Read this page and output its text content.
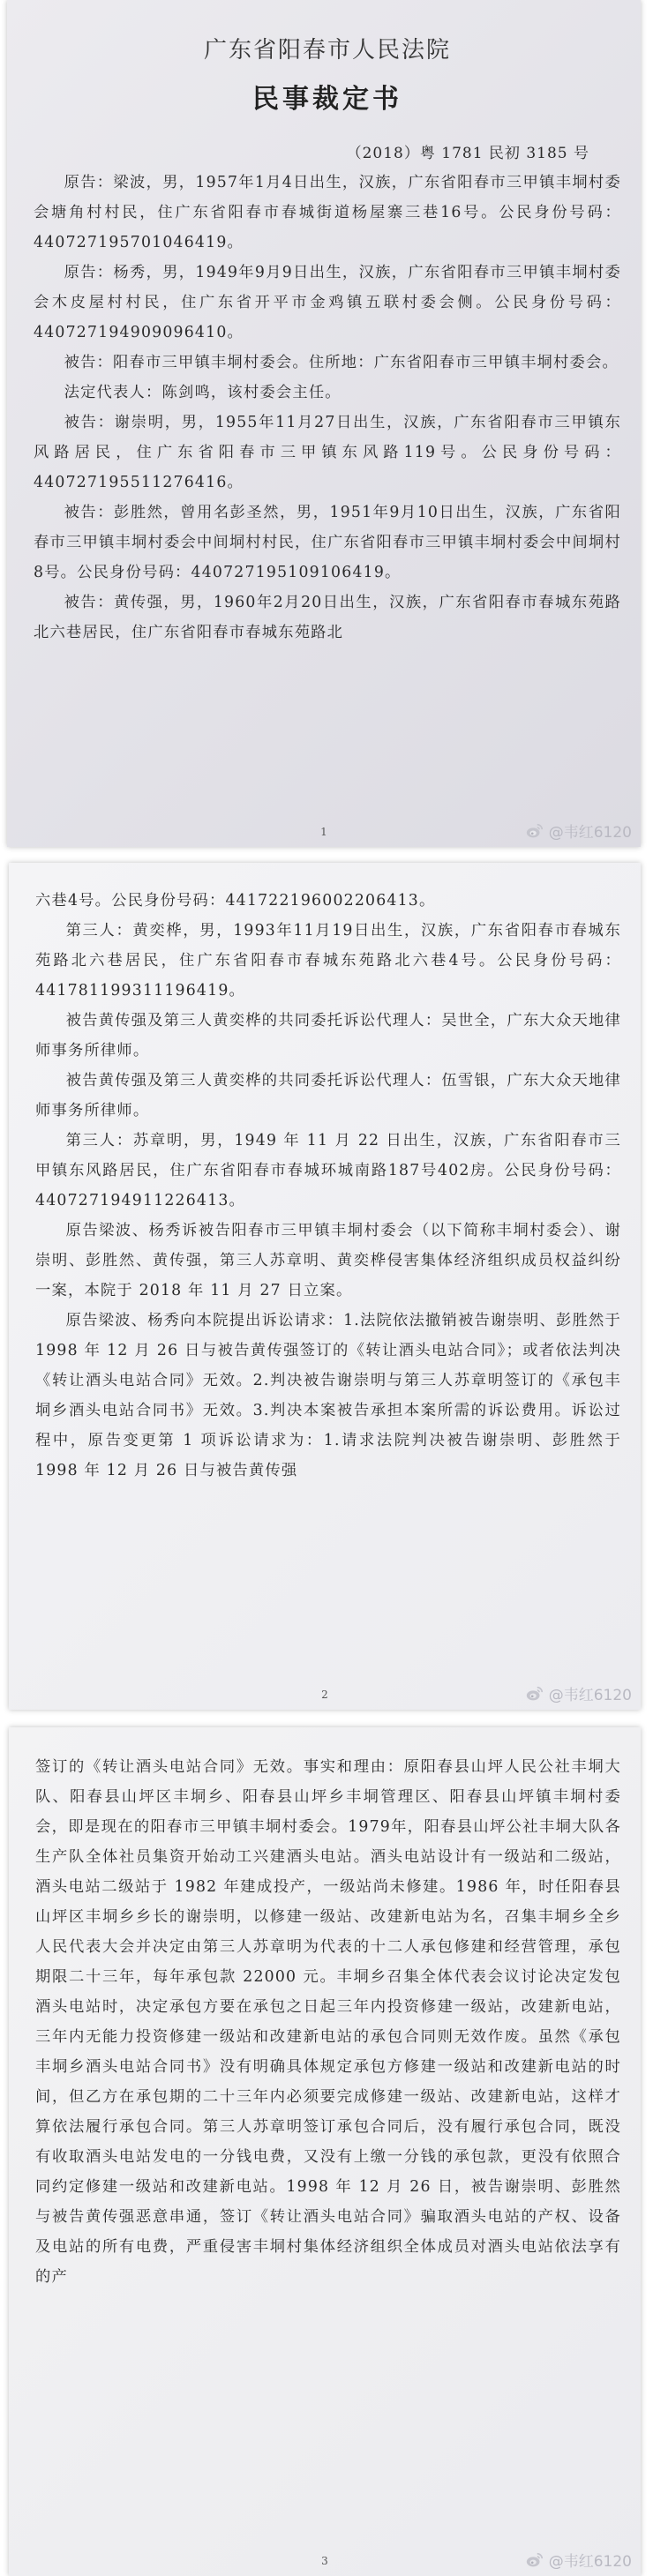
广东省阳春市人民法院
民事裁定书
（2018）粤 1781 民初 3185 号

原告：梁波，男，1957年1月4日出生，汉族，广东省阳春市三甲镇丰垌村委会塘角村村民，住广东省阳春市春城街道杨屋寨三巷16号。公民身份号码：440727195701046419。

原告：杨秀，男，1949年9月9日出生，汉族，广东省阳春市三甲镇丰垌村委会木皮屋村村民，住广东省开平市金鸡镇五联村委会侧。公民身份号码：440727194909096410。

被告：阳春市三甲镇丰垌村委会。住所地：广东省阳春市三甲镇丰垌村委会。

法定代表人：陈剑鸣，该村委会主任。

被告：谢崇明，男，1955年11月27日出生，汉族，广东省阳春市三甲镇东风路居民，住广东省阳春市三甲镇东风路119号。公民身份号码：440727195511276416。

被告：彭胜然，曾用名彭圣然，男，1951年9月10日出生，汉族，广东省阳春市三甲镇丰垌村委会中间垌村村民，住广东省阳春市三甲镇丰垌村委会中间垌村8号。公民身份号码：440727195109106419。

被告：黄传强，男，1960年2月20日出生，汉族，广东省阳春市春城东苑路北六巷居民，住广东省阳春市春城东苑路北

1	@韦红6120

六巷4号。公民身份号码：441722196002206413。

第三人：黄奕桦，男，1993年11月19日出生，汉族，广东省阳春市春城东苑路北六巷居民，住广东省阳春市春城东苑路北六巷4号。公民身份号码：441781199311196419。

被告黄传强及第三人黄奕桦的共同委托诉讼代理人：吴世全，广东大众天地律师事务所律师。

被告黄传强及第三人黄奕桦的共同委托诉讼代理人：伍雪银，广东大众天地律师事务所律师。

第三人：苏章明，男，1949 年 11 月 22 日出生，汉族，广东省阳春市三甲镇东风路居民，住广东省阳春市春城环城南路187号402房。公民身份号码：440727194911226413。

原告梁波、杨秀诉被告阳春市三甲镇丰垌村委会（以下简称丰垌村委会）、谢崇明、彭胜然、黄传强，第三人苏章明、黄奕桦侵害集体经济组织成员权益纠纷一案，本院于 2018 年 11 月 27 日立案。

原告梁波、杨秀向本院提出诉讼请求：1.法院依法撤销被告谢崇明、彭胜然于 1998 年 12 月 26 日与被告黄传强签订的《转让酒头电站合同》；或者依法判决《转让酒头电站合同》无效。2.判决被告谢崇明与第三人苏章明签订的《承包丰垌乡酒头电站合同书》无效。3.判决本案被告承担本案所需的诉讼费用。诉讼过程中，原告变更第 1 项诉讼请求为：1.请求法院判决被告谢崇明、彭胜然于 1998 年 12 月 26 日与被告黄传强

2	@韦红6120

签订的《转让酒头电站合同》无效。事实和理由：原阳春县山坪人民公社丰垌大队、阳春县山坪区丰垌乡、阳春县山坪乡丰垌管理区、阳春县山坪镇丰垌村委会，即是现在的阳春市三甲镇丰垌村委会。1979年，阳春县山坪公社丰垌大队各生产队全体社员集资开始动工兴建酒头电站。酒头电站设计有一级站和二级站，酒头电站二级站于 1982 年建成投产，一级站尚未修建。1986 年，时任阳春县山坪区丰垌乡乡长的谢崇明，以修建一级站、改建新电站为名，召集丰垌乡全乡人民代表大会并决定由第三人苏章明为代表的十二人承包修建和经营管理，承包期限二十三年，每年承包款 22000 元。丰垌乡召集全体代表会议讨论决定发包酒头电站时，决定承包方要在承包之日起三年内投资修建一级站，改建新电站，三年内无能力投资修建一级站和改建新电站的承包合同则无效作废。虽然《承包丰垌乡酒头电站合同书》没有明确具体规定承包方修建一级站和改建新电站的时间，但乙方在承包期的二十三年内必须要完成修建一级站、改建新电站，这样才算依法履行承包合同。第三人苏章明签订承包合同后，没有履行承包合同，既没有收取酒头电站发电的一分钱电费，又没有上缴一分钱的承包款，更没有依照合同约定修建一级站和改建新电站。1998 年 12 月 26 日，被告谢崇明、彭胜然与被告黄传强恶意串通，签订《转让酒头电站合同》骗取酒头电站的产权、设备及电站的所有电费，严重侵害丰垌村集体经济组织全体成员对酒头电站依法享有的产

3	@韦红6120
